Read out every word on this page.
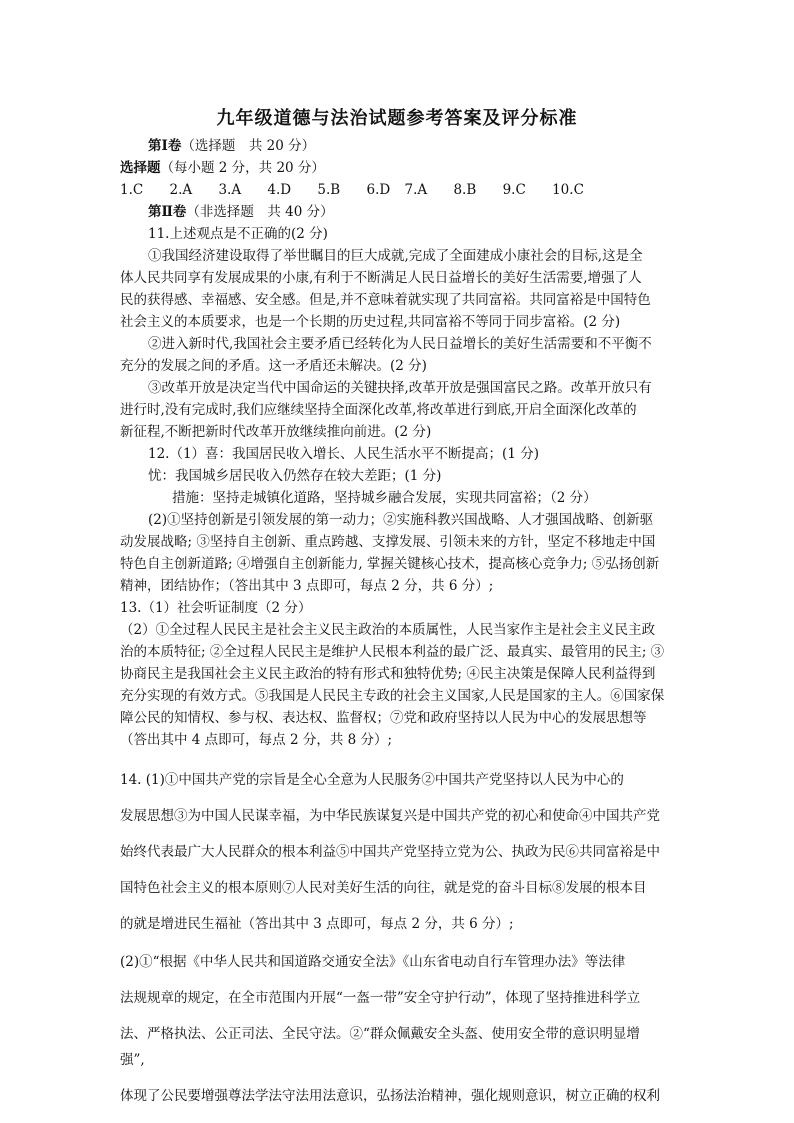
九年级道德与法治试题参考答案及评分标准
第Ⅰ卷（选择题　共 20 分）
选择题（每小题 2 分，共 20 分）
1.C 2.A 3.A 4.D 5.B 6.D 7.A 8.B 9.C 10.C
第Ⅱ卷（非选择题　共 40 分）
11.上述观点是不正确的(2 分)
①我国经济建设取得了举世瞩目的巨大成就,完成了全面建成小康社会的目标,这是全
体人民共同享有发展成果的小康,有利于不断满足人民日益增长的美好生活需要,增强了人
民的获得感、幸福感、安全感。但是,并不意味着就实现了共同富裕。共同富裕是中国特色
社会主义的本质要求，也是一个长期的历史过程,共同富裕不等同于同步富裕。(2 分)
②进入新时代,我国社会主要矛盾已经转化为人民日益增长的美好生活需要和不平衡不
充分的发展之间的矛盾。这一矛盾还未解决。(2 分)
③改革开放是决定当代中国命运的关键抉择,改革开放是强国富民之路。改革开放只有
进行时,没有完成时,我们应继续坚持全面深化改革,将改革进行到底,开启全面深化改革的
新征程,不断把新时代改革开放继续推向前进。(2 分)
12.（1）喜：我国居民收入增长、人民生活水平不断提高；(1 分)
忧：我国城乡居民收入仍然存在较大差距；(1 分)
措施：坚持走城镇化道路，坚持城乡融合发展，实现共同富裕；（2 分）
(2)①坚持创新是引领发展的第一动力；②实施科教兴国战略、人才强国战略、创新驱
动发展战略; ③坚持自主创新、重点跨越、支撑发展、引领未来的方针，坚定不移地走中国
特色自主创新道路; ④增强自主创新能力, 掌握关键核心技术，提高核心竞争力; ⑤弘扬创新
精神，团结协作；（答出其中 3 点即可，每点 2 分，共 6 分）;
13.（1）社会听证制度（2 分）
（2）①全过程人民民主是社会主义民主政治的本质属性，人民当家作主是社会主义民主政
治的本质特征; ②全过程人民民主是维护人民根本利益的最广泛、最真实、最管用的民主; ③
协商民主是我国社会主义民主政治的特有形式和独特优势; ④民主决策是保障人民利益得到
充分实现的有效方式。⑤我国是人民民主专政的社会主义国家,人民是国家的主人。⑥国家保
障公民的知情权、参与权、表达权、监督权；⑦党和政府坚持以人民为中心的发展思想等
（答出其中 4 点即可，每点 2 分，共 8 分）;
14. (1)①中国共产党的宗旨是全心全意为人民服务②中国共产党坚持以人民为中心的
发展思想③为中国人民谋幸福，为中华民族谋复兴是中国共产党的初心和使命④中国共产党
始终代表最广大人民群众的根本利益⑤中国共产党坚持立党为公、执政为民⑥共同富裕是中
国特色社会主义的根本原则⑦人民对美好生活的向往，就是党的奋斗目标⑧发展的根本目
的就是增进民生福祉（答出其中 3 点即可，每点 2 分，共 6 分）;
(2)①“根据《中华人民共和国道路交通安全法》《山东省电动自行车管理办法》等法律
法规规章的规定，在全市范围内开展“一盔一带”安全守护行动”，体现了坚持推进科学立
法、严格执法、公正司法、全民守法。②“群众佩戴安全头盔、使用安全带的意识明显增
强”,
体现了公民要增强尊法学法守法用法意识，弘扬法治精神，强化规则意识，树立正确的权利
